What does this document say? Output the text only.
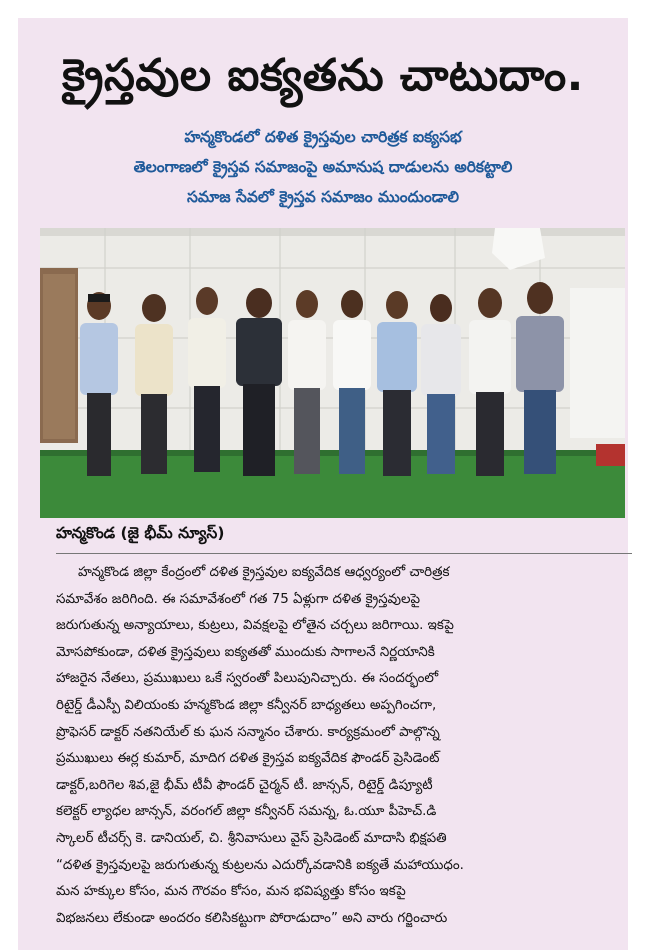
క్రైస్తవుల ఐక్యతను చాటుదాం.
హన్మకొండలో దళిత క్రైస్తవుల చారిత్రక ఐక్యసభ
తెలంగాణలో క్రైస్తవ సమాజంపై అమానుష దాడులను అరికట్టాలి
సమాజ సేవలో క్రైస్తవ సమాజం ముందుండాలి
హన్మకొండ (జై భీమ్ న్యూస్)
హన్మకొండ జిల్లా కేంద్రంలో దళిత క్రైస్తవుల ఐక్యవేదిక ఆధ్వర్యంలో చారిత్రక
సమావేశం జరిగింది. ఈ సమావేశంలో గత 75 ఏళ్లుగా దళిత క్రైస్తవులపై
జరుగుతున్న అన్యాయాలు, కుట్రలు, వివక్షలపై లోతైన చర్చలు జరిగాయి. ఇకపై
మోసపోకుండా, దళిత క్రైస్తవులు ఐక్యతతో ముందుకు సాగాలనే నిర్ణయానికి
హాజరైన నేతలు, ప్రముఖులు ఒకే స్వరంతో పిలుపునిచ్చారు. ఈ సందర్భంలో
రిటైర్డ్ డీఎస్పీ విలియంకు హన్మకొండ జిల్లా కన్వీనర్ బాధ్యతలు అప్పగించగా,
ప్రొఫెసర్ డాక్టర్ నతనియేల్ కు ఘన సన్మానం చేశారు. కార్యక్రమంలో పాల్గొన్న
ప్రముఖులు ఈర్ల కుమార్, మాదిగ దళిత క్రైస్తవ ఐక్యవేదిక ఫౌండర్ ప్రెసిడెంట్
డాక్టర్,బరిగెల శివ,జై భీమ్ టీవీ ఫౌండర్ చైర్మన్ టీ. జాన్సన్, రిటైర్డ్ డిప్యూటీ
కలెక్టర్ ల్యాధల జాన్సన్, వరంగల్ జిల్లా కన్వీనర్ సమన్న, ఓ.యూ పీహెచ్.డి
స్కాలర్ టీచర్స్ కె. డానియల్, చి. శ్రీనివాసులు వైస్ ప్రెసిడెంట్ మాదాసి భిక్షపతి
“దళిత క్రైస్తవులపై జరుగుతున్న కుట్రలను ఎదుర్కోవడానికి ఐక్యతే మహాయుధం.
మన హక్కుల కోసం, మన గౌరవం కోసం, మన భవిష్యత్తు కోసం ఇకపై
విభజనలు లేకుండా అందరం కలిసికట్టుగా పోరాడుదాం” అని వారు గర్జించారు
